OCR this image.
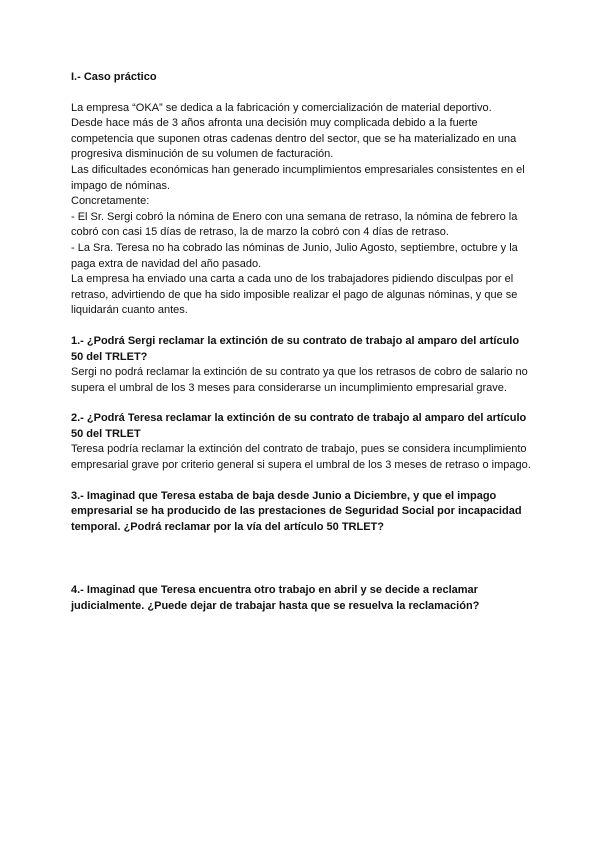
I.- Caso práctico

La empresa “OKA” se dedica a la fabricación y comercialización de material deportivo.

Desde hace más de 3 años afronta una decisión muy complicada debido a la fuerte competencia que suponen otras cadenas dentro del sector, que se ha materializado en una progresiva disminución de su volumen de facturación.

Las dificultades económicas han generado incumplimientos empresariales consistentes en el impago de nóminas.

Concretamente:

- El Sr. Sergi cobró la nómina de Enero con una semana de retraso, la nómina de febrero la cobró con casi 15 días de retraso, la de marzo la cobró con 4 días de retraso.

- La Sra. Teresa no ha cobrado las nóminas de Junio, Julio Agosto, septiembre, octubre y la paga extra de navidad del año pasado.

La empresa ha enviado una carta a cada uno de los trabajadores pidiendo disculpas por el retraso, advirtiendo de que ha sido imposible realizar el pago de algunas nóminas, y que se liquidarán cuanto antes.

1.- ¿Podrá Sergi reclamar la extinción de su contrato de trabajo al amparo del artículo 50 del TRLET?

Sergi no podrá reclamar la extinción de su contrato ya que los retrasos de cobro de salario no supera el umbral de los 3 meses para considerarse un incumplimiento empresarial grave.

2.- ¿Podrá Teresa reclamar la extinción de su contrato de trabajo al amparo del artículo 50 del TRLET

Teresa podría reclamar la extinción del contrato de trabajo, pues se considera incumplimiento empresarial grave por criterio general si supera el umbral de los 3 meses de retraso o impago.

3.- Imaginad que Teresa estaba de baja desde Junio a Diciembre, y que el impago empresarial se ha producido de las prestaciones de Seguridad Social por incapacidad temporal. ¿Podrá reclamar por la vía del artículo 50 TRLET?

4.- Imaginad que Teresa encuentra otro trabajo en abril y se decide a reclamar judicialmente. ¿Puede dejar de trabajar hasta que se resuelva la reclamación?
